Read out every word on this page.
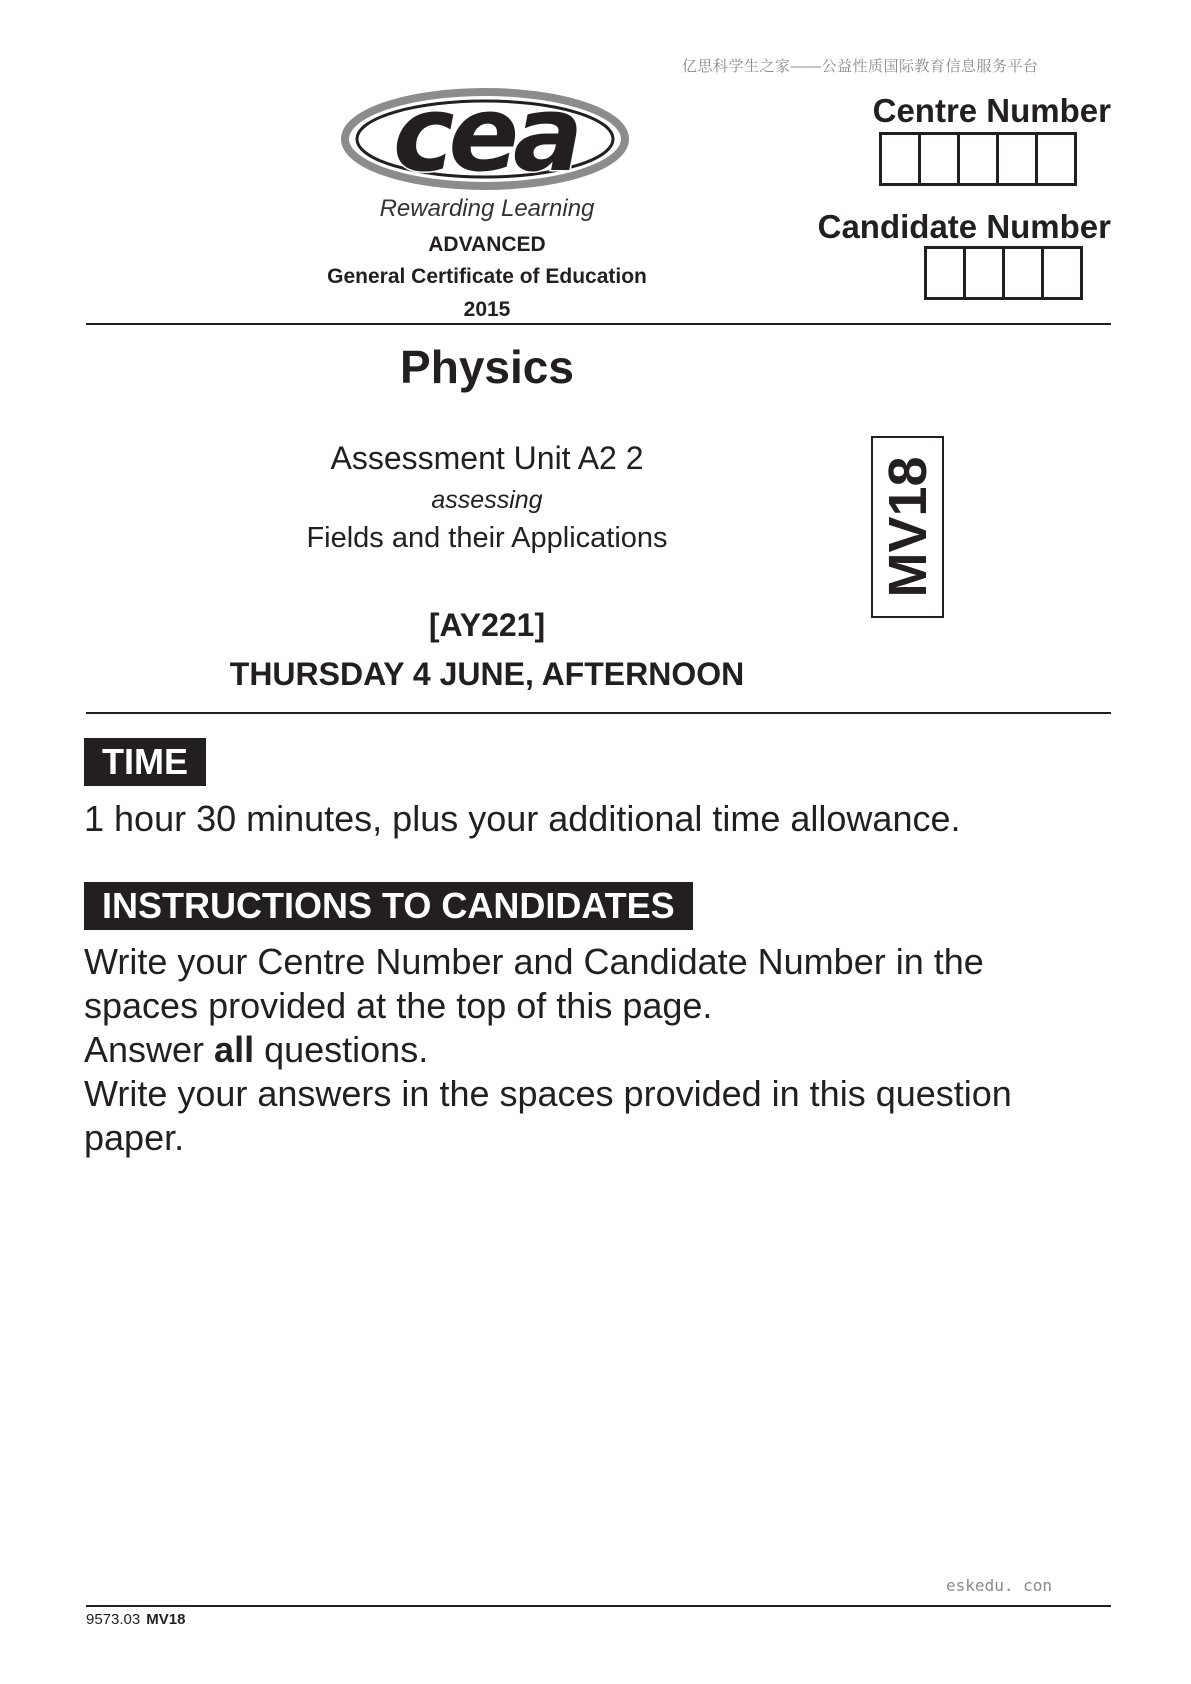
亿思科学生之家——公益性质国际教育信息服务平台
cea
Rewarding Learning
ADVANCED
General Certificate of Education
2015
Centre Number
Candidate Number
Physics
Assessment Unit A2 2
assessing
Fields and their Applications
[AY221]
THURSDAY 4 JUNE, AFTERNOON
MV18
TIME
1 hour 30 minutes, plus your additional time allowance.
INSTRUCTIONS TO CANDIDATES
Write your Centre Number and Candidate Number in the
spaces provided at the top of this page.
Answer all questions.
Write your answers in the spaces provided in this question
paper.
eskedu. con
9573.03 MV18
